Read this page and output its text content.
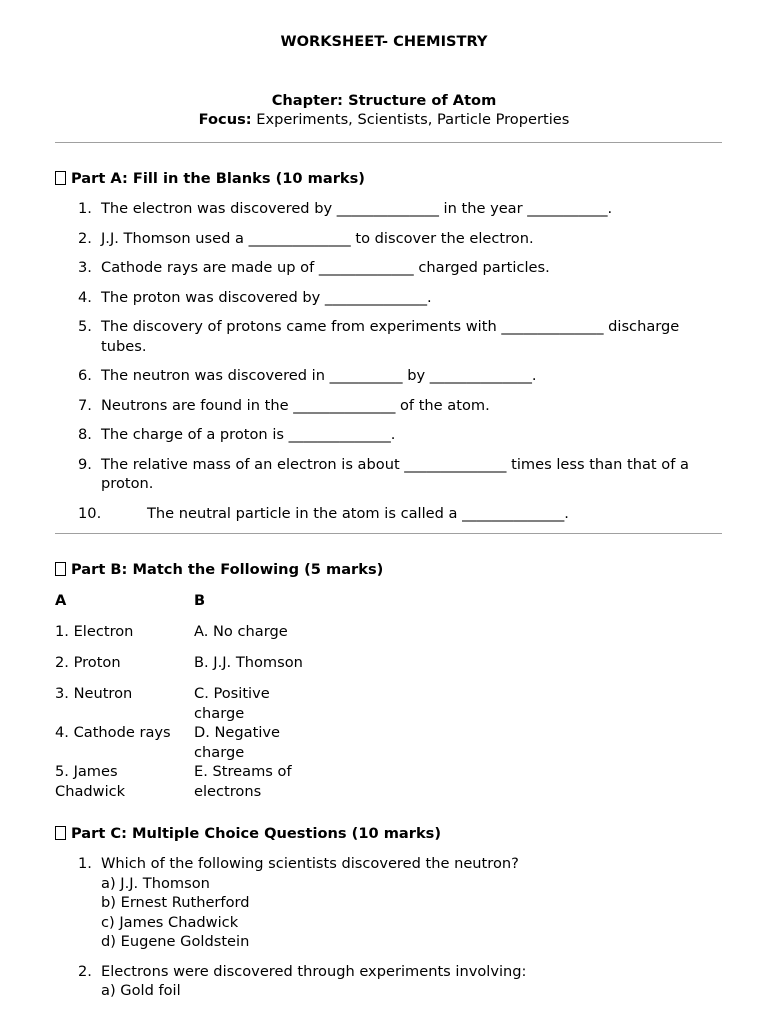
WORKSHEET- CHEMISTRY
Chapter: Structure of Atom
Focus: Experiments, Scientists, Particle Properties
Part A: Fill in the Blanks (10 marks)
1. The electron was discovered by ______________ in the year ___________.
2. J.J. Thomson used a ______________ to discover the electron.
3. Cathode rays are made up of _____________ charged particles.
4. The proton was discovered by ______________.
5. The discovery of protons came from experiments with ______________ discharge tubes.
6. The neutron was discovered in __________ by ______________.
7. Neutrons are found in the ______________ of the atom.
8. The charge of a proton is ______________.
9. The relative mass of an electron is about ______________ times less than that of a proton.
10.	The neutral particle in the atom is called a ______________.
Part B: Match the Following (5 marks)
A	B
1. Electron	A. No charge
2. Proton	B. J.J. Thomson
3. Neutron	C. Positive charge
4. Cathode rays	D. Negative charge
5. James Chadwick	E. Streams of electrons
Part C: Multiple Choice Questions (10 marks)
1. Which of the following scientists discovered the neutron?
a) J.J. Thomson
b) Ernest Rutherford
c) James Chadwick
d) Eugene Goldstein
2. Electrons were discovered through experiments involving:
a) Gold foil
